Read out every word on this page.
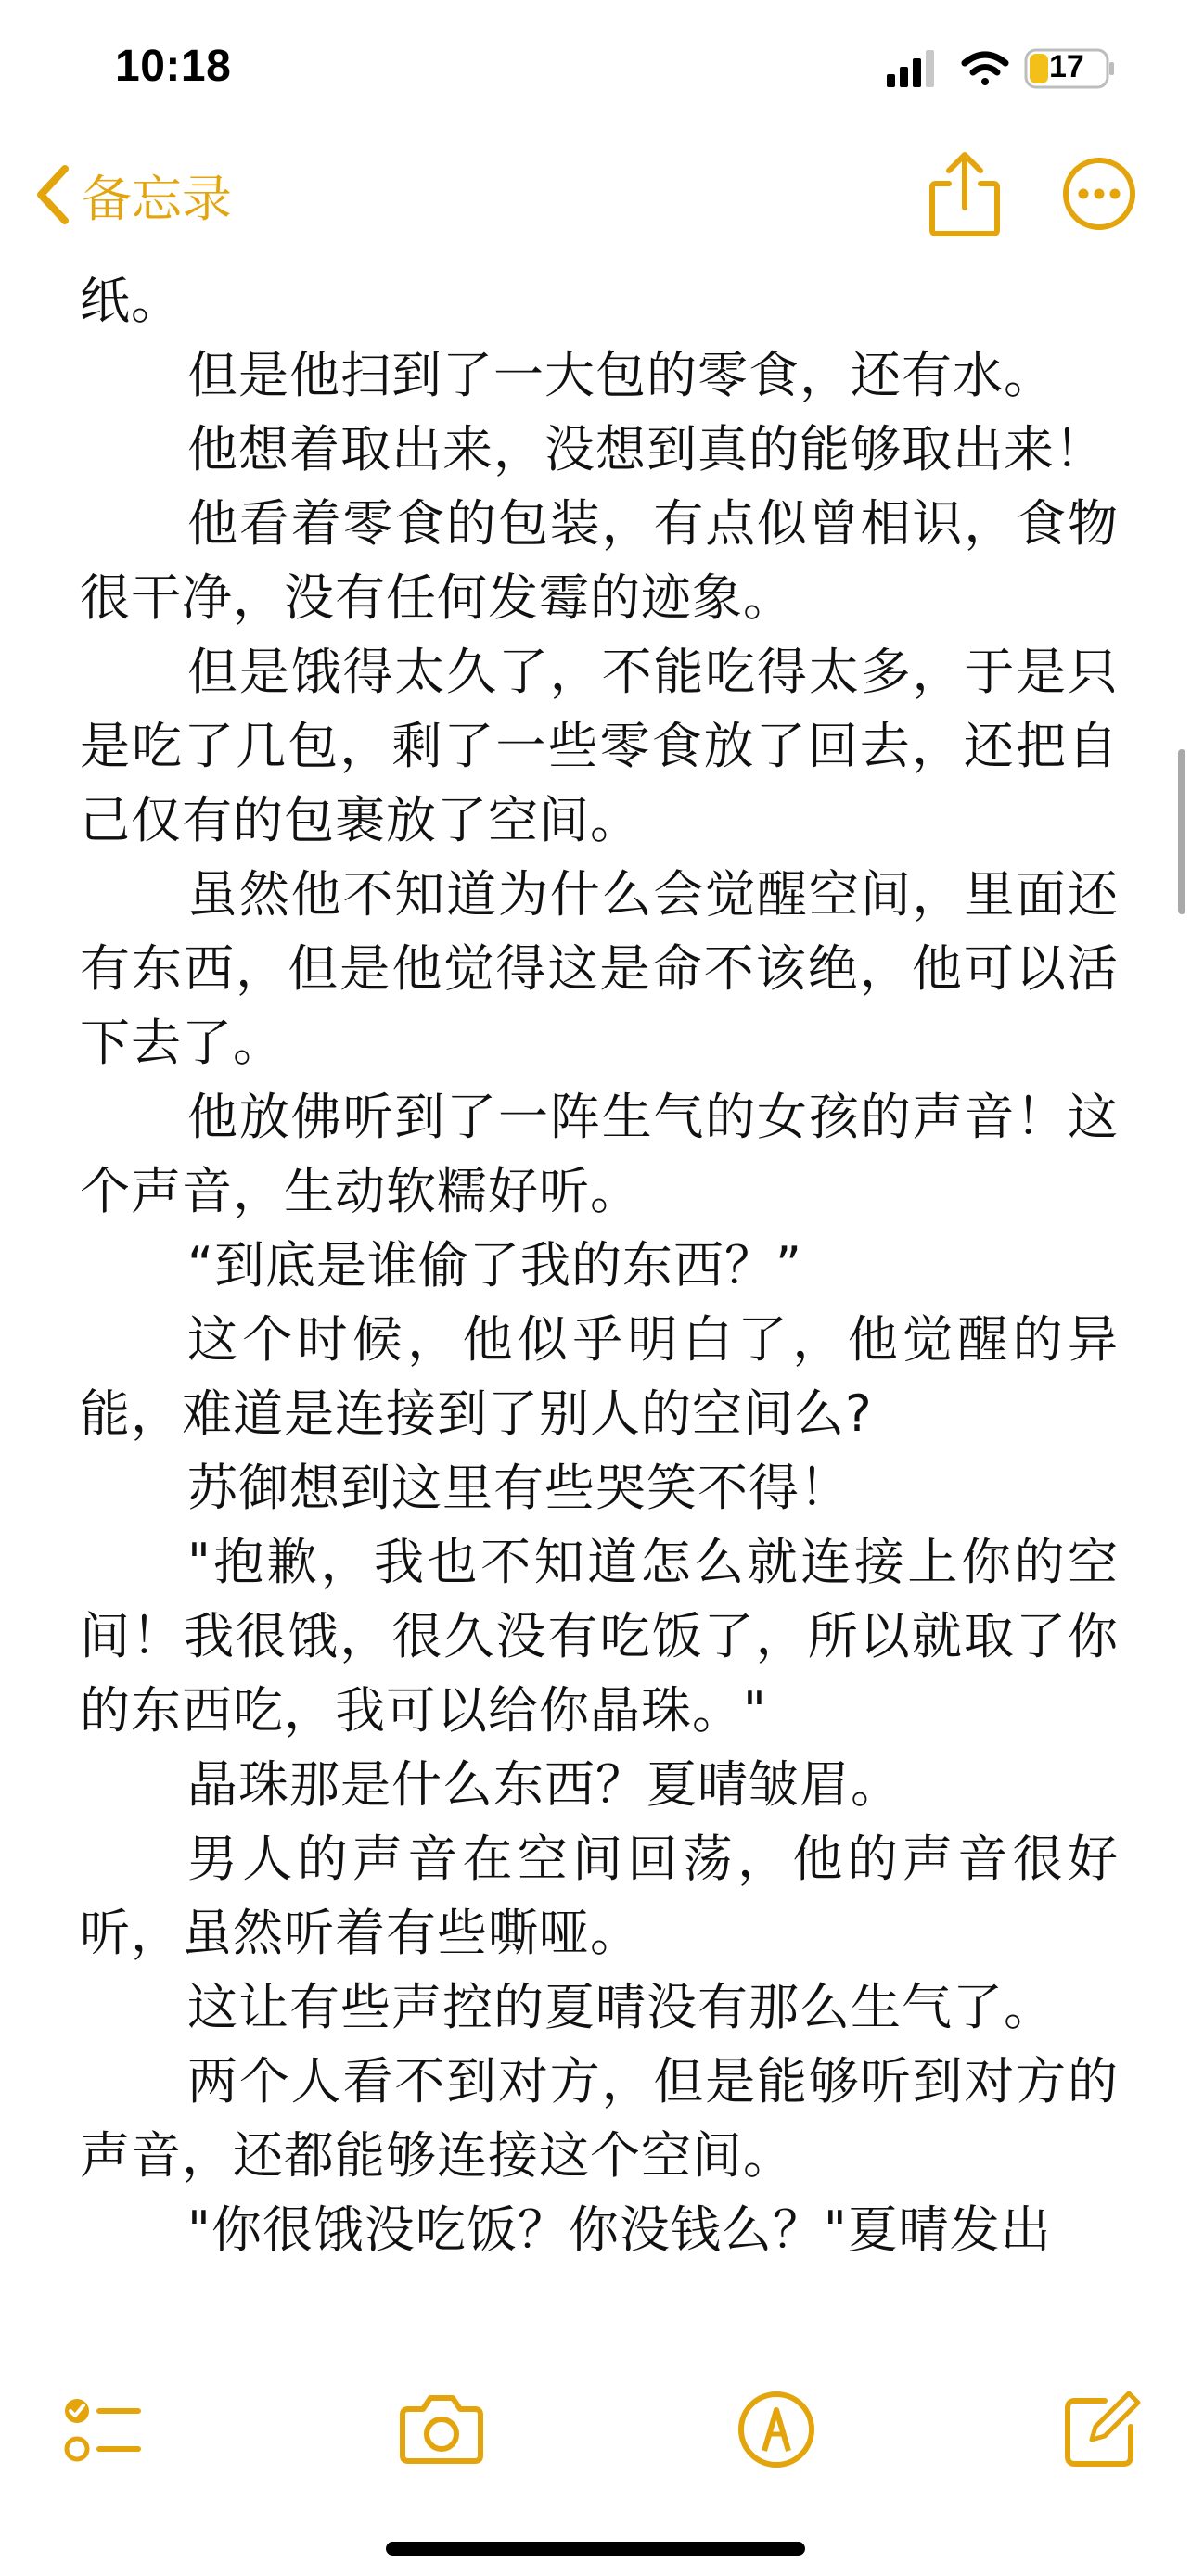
10:18	17
备忘录

纸。

但是他扫到了一大包的零食，还有水。

他想着取出来，没想到真的能够取出来！

他看着零食的包装，有点似曾相识，食物很干净，没有任何发霉的迹象。

但是饿得太久了，不能吃得太多，于是只是吃了几包，剩了一些零食放了回去，还把自己仅有的包裹放了空间。

虽然他不知道为什么会觉醒空间，里面还有东西，但是他觉得这是命不该绝，他可以活下去了。

他放佛听到了一阵生气的女孩的声音！这个声音，生动软糯好听。

“到底是谁偷了我的东西？”

这个时候，他似乎明白了，他觉醒的异能，难道是连接到了别人的空间么?

苏御想到这里有些哭笑不得！

"抱歉，我也不知道怎么就连接上你的空间！我很饿，很久没有吃饭了，所以就取了你的东西吃，我可以给你晶珠。"

晶珠那是什么东西？夏晴皱眉。

男人的声音在空间回荡，他的声音很好听，虽然听着有些嘶哑。

这让有些声控的夏晴没有那么生气了。

两个人看不到对方，但是能够听到对方的声音，还都能够连接这个空间。

"你很饿没吃饭？你没钱么？"夏晴发出
